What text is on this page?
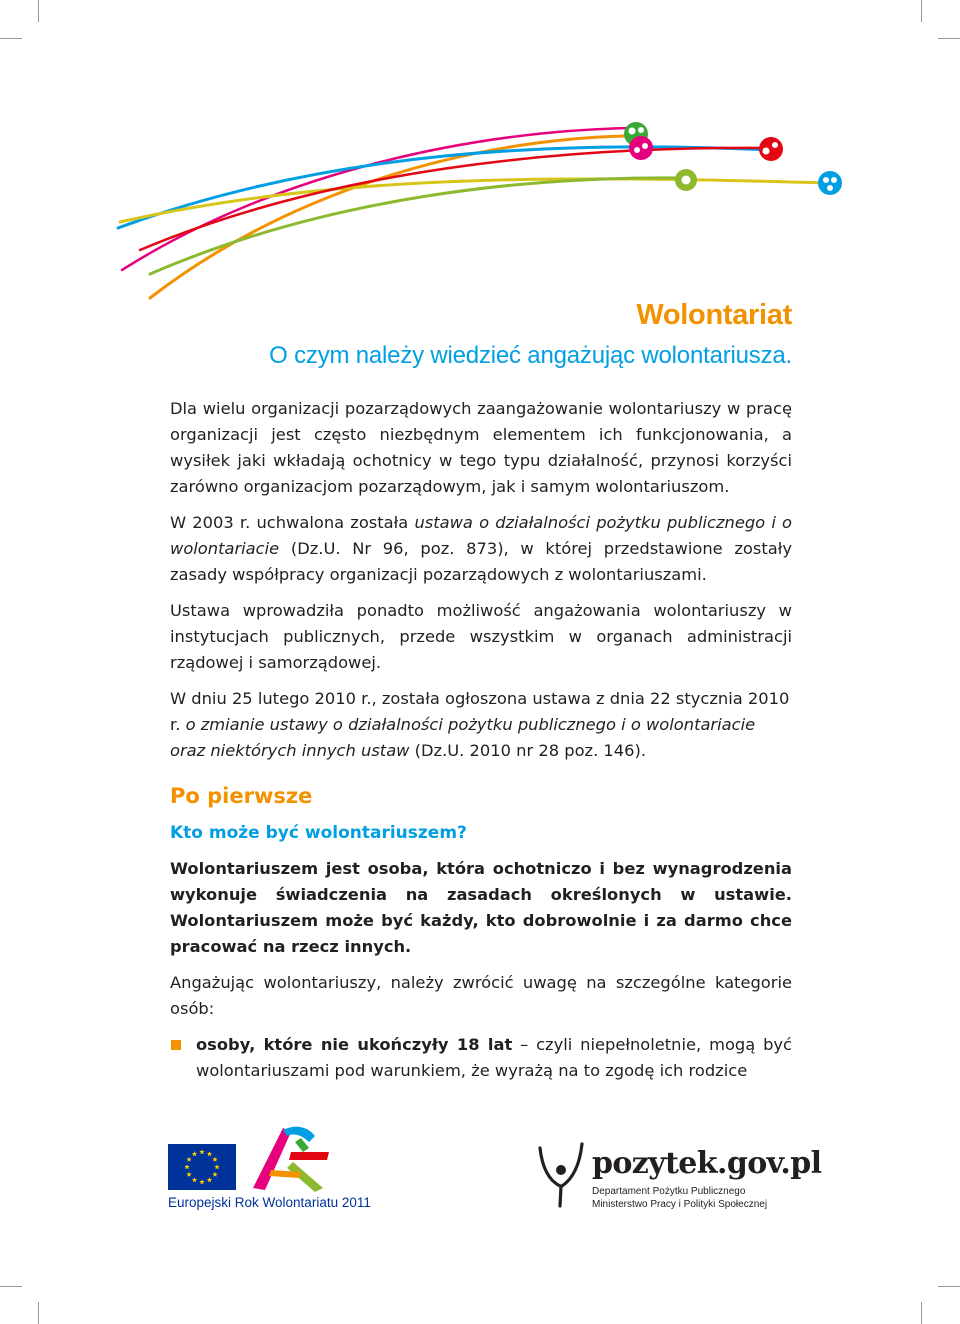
Wolontariat
O czym należy wiedzieć angażując wolontariusza.

Dla wielu organizacji pozarządowych zaangażowanie wolontariuszy w pracę organizacji jest często niezbędnym elementem ich funkcjonowania, a wysiłek jaki wkładają ochotnicy w tego typu działalność, przynosi korzyści zarówno organizacjom pozarządowym, jak i samym wolontariuszom.

W 2003 r. uchwalona została ustawa o działalności pożytku publicznego i o wolontariacie (Dz.U. Nr 96, poz. 873), w której przedstawione zostały zasady współpracy organizacji pozarządowych z wolontariuszami.

Ustawa wprowadziła ponadto możliwość angażowania wolontariuszy w instytucjach publicznych, przede wszystkim w organach administracji rządowej i samorządowej.

W dniu 25 lutego 2010 r., została ogłoszona ustawa z dnia 22 stycznia 2010 r. o zmianie ustawy o działalności pożytku publicznego i o wolontariacie oraz niektórych innych ustaw (Dz.U. 2010 nr 28 poz. 146).

Po pierwsze
Kto może być wolontariuszem?

Wolontariuszem jest osoba, która ochotniczo i bez wynagrodzenia wykonuje świadczenia na zasadach określonych w ustawie. Wolontariuszem może być każdy, kto dobrowolnie i za darmo chce pracować na rzecz innych.

Angażując wolontariuszy, należy zwrócić uwagę na szczególne kategorie osób:

osoby, które nie ukończyły 18 lat – czyli niepełnoletnie, mogą być wolontariuszami pod warunkiem, że wyrażą na to zgodę ich rodzice
Europejski Rok Wolontariatu 2011
pozytek.gov.pl
Departament Pożytku Publicznego
Ministerstwo Pracy i Polityki Społecznej
